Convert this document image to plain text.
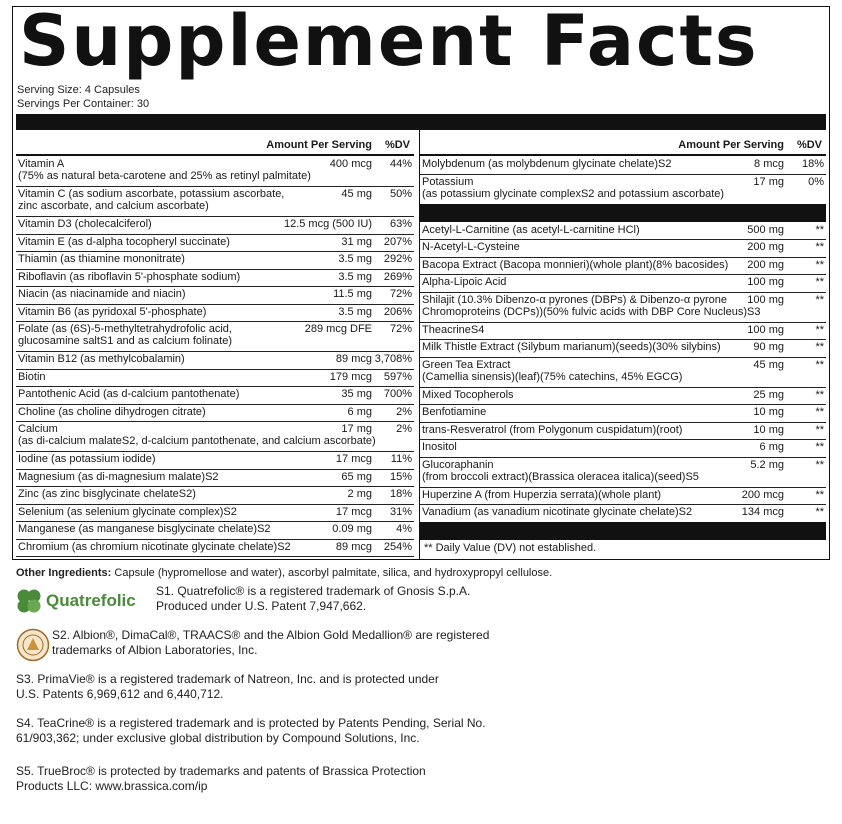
Supplement Facts
Serving Size: 4 Capsules
Servings Per Container: 30
Amount Per Serving %DV
Vitamin A
(75% as natural beta-carotene and 25% as retinyl palmitate)
400 mcg 44%
Vitamin C (as sodium ascorbate, potassium ascorbate,
zinc ascorbate, and calcium ascorbate)
45 mg 50%
Vitamin D3 (cholecalciferol)	12.5 mcg (500 IU) 63%
Vitamin E (as d-alpha tocopheryl succinate)	31 mg 207%
Thiamin (as thiamine mononitrate)	3.5 mg 292%
Riboflavin (as riboflavin 5'-phosphate sodium)	3.5 mg 269%
Niacin (as niacinamide and niacin)	11.5 mg 72%
Vitamin B6 (as pyridoxal 5'-phosphate)	3.5 mg 206%
Folate (as (6S)-5-methyltetrahydrofolic acid,
glucosamine saltS1 and as calcium folinate)
289 mcg DFE 72%
Vitamin B12 (as methylcobalamin)	89 mcg 3,708%
Biotin	179 mcg 597%
Pantothenic Acid (as d-calcium pantothenate)	35 mg 700%
Choline (as choline dihydrogen citrate)	6 mg 2%
Calcium
(as di-calcium malateS2, d-calcium pantothenate, and calcium ascorbate)
17 mg 2%
Iodine (as potassium iodide)	17 mcg 11%
Magnesium (as di-magnesium malate)S2	65 mg 15%
Zinc (as zinc bisglycinate chelateS2)	2 mg 18%
Selenium (as selenium glycinate complex)S2	17 mcg 31%
Manganese (as manganese bisglycinate chelate)S2	0.09 mg 4%
Chromium (as chromium nicotinate glycinate chelate)S2	89 mcg 254%
Amount Per Serving %DV
Molybdenum (as molybdenum glycinate chelate)S2	8 mcg 18%
Potassium
(as potassium glycinate complexS2 and potassium ascorbate)
17 mg 0%
Acetyl-L-Carnitine (as acetyl-L-carnitine HCl)	500 mg	**
N-Acetyl-L-Cysteine	200 mg	**
Bacopa Extract (Bacopa monnieri)(whole plant)(8% bacosides) 200 mg	**
Alpha-Lipoic Acid	100 mg	**
Shilajit (10.3% Dibenzo-α pyrones (DBPs) & Dibenzo-α pyrone
Chromoproteins (DCPs))(50% fulvic acids with DBP Core Nucleus)S3
100 mg	**
TheacrineS4	100 mg	**
Milk Thistle Extract (Silybum marianum)(seeds)(30% silybins)	90 mg	**
Green Tea Extract
(Camellia sinensis)(leaf)(75% catechins, 45% EGCG)
45 mg	**
Mixed Tocopherols	25 mg	**
Benfotiamine	10 mg	**
trans-Resveratrol (from Polygonum cuspidatum)(root)	10 mg	**
Inositol	6 mg	**
Glucoraphanin
(from broccoli extract)(Brassica oleracea italica)(seed)S5
5.2 mg	**
Huperzine A (from Huperzia serrata)(whole plant)	200 mcg	**
Vanadium (as vanadium nicotinate glycinate chelate)S2	134 mcg	**
** Daily Value (DV) not established.
Other Ingredients: Capsule (hypromellose and water), ascorbyl palmitate, silica, and hydroxypropyl cellulose.
Quatrefolic S1. Quatrefolic® is a registered trademark of Gnosis S.p.A.
Produced under U.S. Patent 7,947,662.
S2. Albion®, DimaCal®, TRAACS® and the Albion Gold Medallion® are registered
trademarks of Albion Laboratories, Inc.
S3. PrimaVie® is a registered trademark of Natreon, Inc. and is protected under
U.S. Patents 6,969,612 and 6,440,712.
S4. TeaCrine® is a registered trademark and is protected by Patents Pending, Serial No.
61/903,362; under exclusive global distribution by Compound Solutions, Inc.
S5. TrueBroc® is protected by trademarks and patents of Brassica Protection
Products LLC: www.brassica.com/ip
